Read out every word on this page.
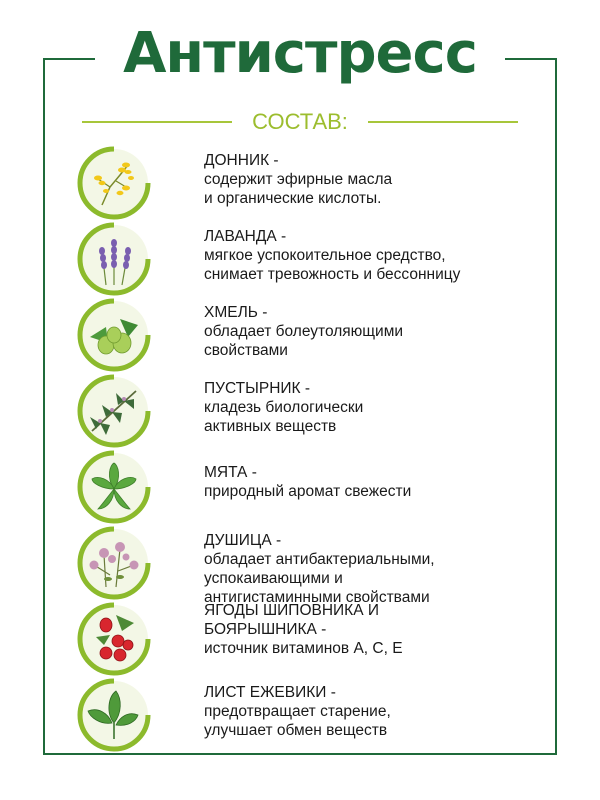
Антистресс
СОСТАВ:
ДОННИК -
содержит эфирные масла
и органические кислоты.
ЛАВАНДА -
мягкое успокоительное средство,
снимает тревожность и бессонницу
ХМЕЛЬ -
обладает болеутоляющими
свойствами
ПУСТЫРНИК -
кладезь биологически
активных веществ
МЯТА -
природный аромат свежести
ДУШИЦА -
обладает антибактериальными,
успокаивающими и
антигистаминными свойствами
ЯГОДЫ ШИПОВНИКА И
БОЯРЫШНИКА -
источник витаминов А, С, Е
ЛИСТ ЕЖЕВИКИ -
предотвращает старение,
улучшает обмен веществ
